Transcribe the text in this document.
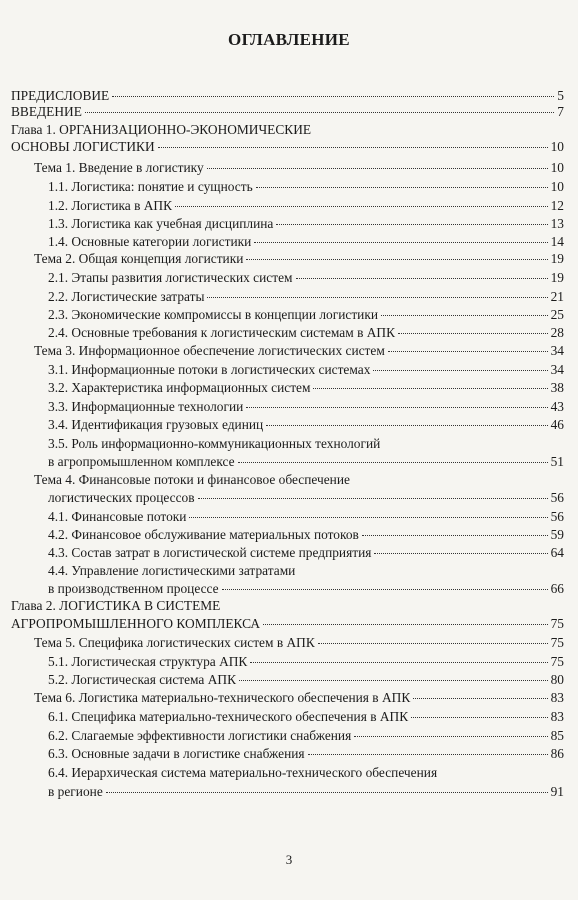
ОГЛАВЛЕНИЕ
ПРЕДИСЛОВИЕ	5
ВВЕДЕНИЕ	7
Глава 1. ОРГАНИЗАЦИОННО-ЭКОНОМИЧЕСКИЕ
ОСНОВЫ ЛОГИСТИКИ	10
Тема 1. Введение в логистику	10
1.1. Логистика: понятие и сущность	10
1.2. Логистика в АПК	12
1.3. Логистика как учебная дисциплина	13
1.4. Основные категории логистики	14
Тема 2. Общая концепция логистики	19
2.1. Этапы развития логистических систем	19
2.2. Логистические затраты	21
2.3. Экономические компромиссы в концепции логистики	25
2.4. Основные требования к логистическим системам в АПК	28
Тема 3. Информационное обеспечение логистических систем	34
3.1. Информационные потоки в логистических системах	34
3.2. Характеристика информационных систем	38
3.3. Информационные технологии	43
3.4. Идентификация грузовых единиц	46
3.5. Роль информационно-коммуникационных технологий
в агропромышленном комплексе	51
Тема 4. Финансовые потоки и финансовое обеспечение
логистических процессов	56
4.1. Финансовые потоки	56
4.2. Финансовое обслуживание материальных потоков	59
4.3. Состав затрат в логистической системе предприятия	64
4.4. Управление логистическими затратами
в производственном процессе	66
Глава 2. ЛОГИСТИКА В СИСТЕМЕ
АГРОПРОМЫШЛЕННОГО КОМПЛЕКСА	75
Тема 5. Специфика логистических систем в АПК	75
5.1. Логистическая структура АПК	75
5.2. Логистическая система АПК	80
Тема 6. Логистика материально-технического обеспечения в АПК	83
6.1. Специфика материально-технического обеспечения в АПК	83
6.2. Слагаемые эффективности логистики снабжения	85
6.3. Основные задачи в логистике снабжения	86
6.4. Иерархическая система материально-технического обеспечения
в регионе	91
3
